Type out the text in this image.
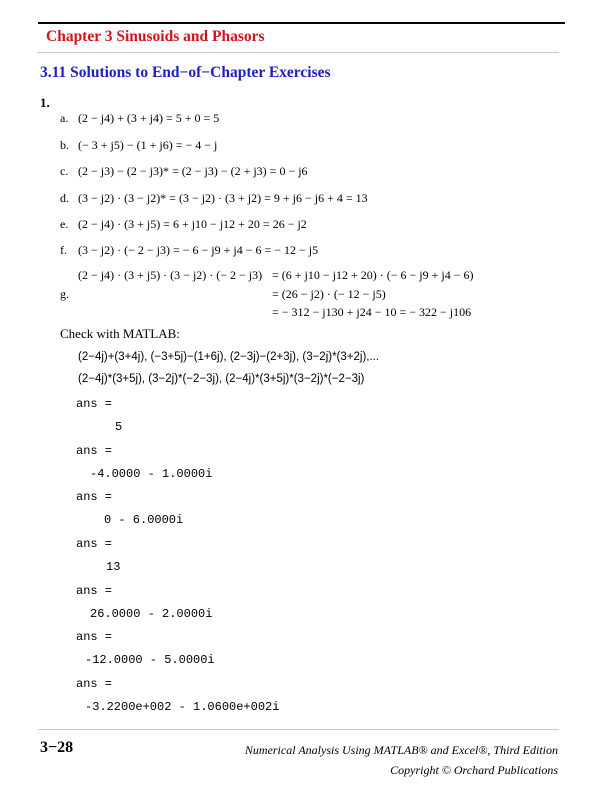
Chapter 3 Sinusoids and Phasors
3.11 Solutions to End−of−Chapter Exercises
1.
a. (2 − j4) + (3 + j4) = 5 + 0 = 5
b. (− 3 + j5) − (1 + j6) = − 4 − j
c. (2 − j3) − (2 − j3)* = (2 − j3) − (2 + j3) = 0 − j6
d. (3 − j2) · (3 − j2)* = (3 − j2) · (3 + j2) = 9 + j6 − j6 + 4 = 13
e. (2 − j4) · (3 + j5) = 6 + j10 − j12 + 20 = 26 − j2
f. (3 − j2) · (− 2 − j3) = − 6 − j9 + j4 − 6 = − 12 − j5
g.
(2 − j4) · (3 + j5) · (3 − j2) · (− 2 − j3) = (6 + j10 − j12 + 20) · (− 6 − j9 + j4 − 6)
= (26 − j2) · (− 12 − j5)
= − 312 − j130 + j24 − 10 = − 322 − j106
Check with MATLAB:
(2−4j)+(3+4j), (−3+5j)−(1+6j), (2−3j)−(2+3j), (3−2j)*(3+2j),...
(2−4j)*(3+5j), (3−2j)*(−2−3j), (2−4j)*(3+5j)*(3−2j)*(−2−3j)
ans =
5
ans =
-4.0000 - 1.0000i
ans =
0 - 6.0000i
ans =
13
ans =
26.0000 - 2.0000i
ans =
-12.0000 - 5.0000i
ans =
-3.2200e+002 - 1.0600e+002i
3−28	Numerical Analysis Using MATLAB® and Excel®, Third Edition
Copyright © Orchard Publications
